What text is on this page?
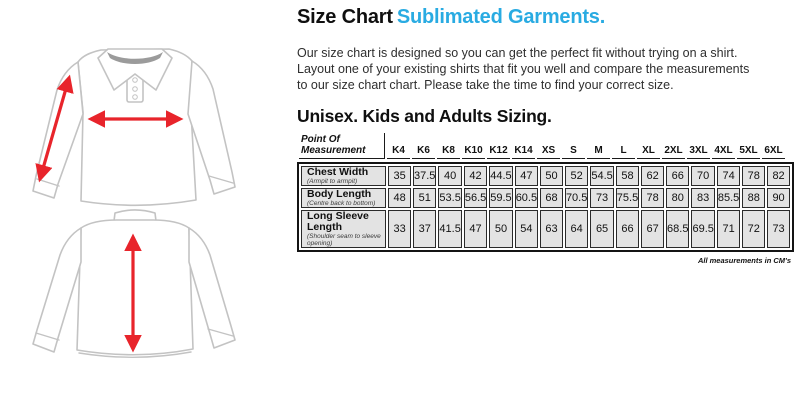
Size Chart Sublimated Garments.

Our size chart is designed so you can get the perfect fit without trying on a shirt.
Layout one of your existing shirts that fit you well and compare the measurements
to our size chart chart. Please take the time to find your correct size.

Unisex. Kids and Adults Sizing.
Point Of Measurement	K4	K6	K8	K10	K12	K14	XS	S	M	L	XL	2XL	3XL	4XL	5XL	6XL
Chest Width
(Armpit to armpit)	35	37.5	40	42	44.5	47	50	52	54.5	58	62	66	70	74	78	82

Body Length
(Centre back to bottom)	48	51	53.5	56.5	59.5	60.5	68	70.5	73	75.5	78	80	83	85.5	88	90

Long Sleeve Length
(Shoulder seam to sleeve opening)	33	37	41.5	47	50	54	63	64	65	66	67	68.5	69.5	71	72	73
All measurements in CM's
